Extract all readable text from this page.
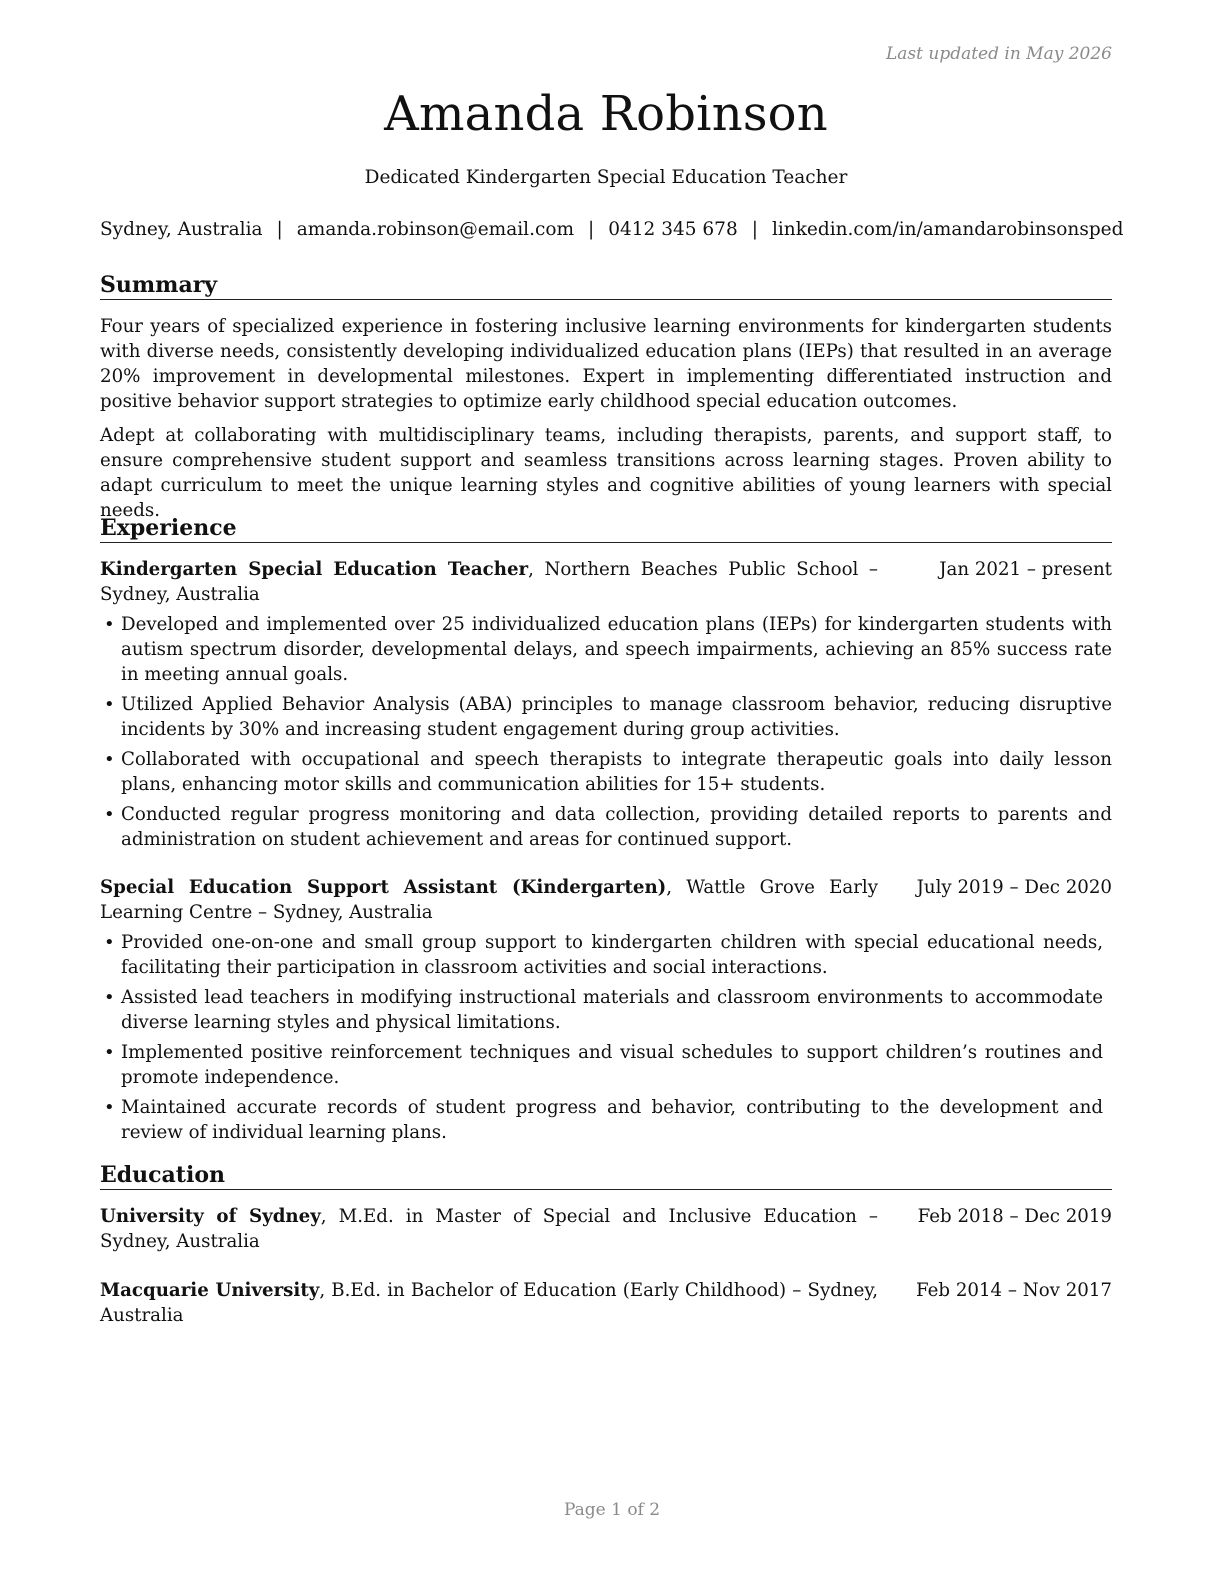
Last updated in May 2026
Amanda Robinson
Dedicated Kindergarten Special Education Teacher
Sydney, Australia | amanda.robinson@email.com | 0412 345 678 | linkedin.com/in/amandarobinsonsped
Summary
Four years of specialized experience in fostering inclusive learning environments for kindergarten students with diverse needs, consistently developing individualized education plans (IEPs) that resulted in an average 20% improvement in developmental milestones. Expert in implementing differentiated instruction and positive behavior support strategies to optimize early childhood special education outcomes.
Adept at collaborating with multidisciplinary teams, including therapists, parents, and support staff, to ensure comprehensive student support and seamless transitions across learning stages. Proven ability to adapt curriculum to meet the unique learning styles and cognitive abilities of young learners with special needs.
Experience
Kindergarten Special Education Teacher, Northern Beaches Public School – Sydney, Australia
Jan 2021 – present
• Developed and implemented over 25 individualized education plans (IEPs) for kindergarten students with autism spectrum disorder, developmental delays, and speech impairments, achieving an 85% success rate in meeting annual goals.
• Utilized Applied Behavior Analysis (ABA) principles to manage classroom behavior, reducing disruptive incidents by 30% and increasing student engagement during group activities.
• Collaborated with occupational and speech therapists to integrate therapeutic goals into daily lesson plans, enhancing motor skills and communication abilities for 15+ students.
• Conducted regular progress monitoring and data collection, providing detailed reports to parents and administration on student achievement and areas for continued support.
Special Education Support Assistant (Kindergarten), Wattle Grove Early Learning Centre – Sydney, Australia
July 2019 – Dec 2020
• Provided one-on-one and small group support to kindergarten children with special educational needs, facilitating their participation in classroom activities and social interactions.
• Assisted lead teachers in modifying instructional materials and classroom environments to accommodate diverse learning styles and physical limitations.
• Implemented positive reinforcement techniques and visual schedules to support children’s routines and promote independence.
• Maintained accurate records of student progress and behavior, contributing to the development and review of individual learning plans.
Education
University of Sydney, M.Ed. in Master of Special and Inclusive Education – Sydney, Australia
Feb 2018 – Dec 2019
Macquarie University, B.Ed. in Bachelor of Education (Early Childhood) – Sydney, Australia
Feb 2014 – Nov 2017
Page 1 of 2
